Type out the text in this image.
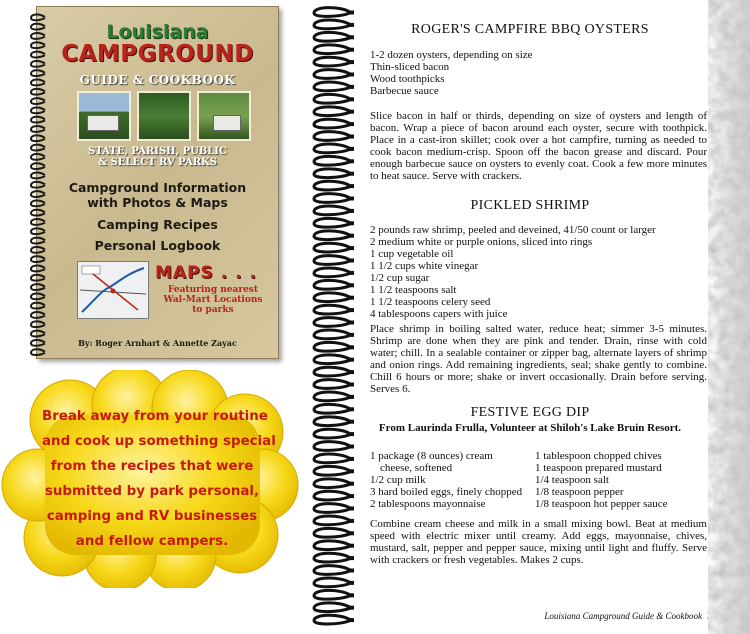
Louisiana
CAMPGROUND
GUIDE & COOKBOOK
STATE, PARISH, PUBLIC
& SELECT RV PARKS
Campground Information
with Photos & Maps
Camping Recipes
Personal Logbook
MAPS . . .
Featuring nearest
Wal-Mart Locations
to parks
By: Roger Arnhart & Annette Zayac
Break away from your routine
and cook up something special
from the recipes that were
submitted by park personal,
camping and RV businesses
and fellow campers.
ROGER'S CAMPFIRE BBQ OYSTERS
1-2 dozen oysters, depending on size
Thin-sliced bacon
Wood toothpicks
Barbecue sauce
Slice bacon in half or thirds, depending on size of oysters and length of bacon. Wrap a piece of bacon around each oyster, secure with toothpick. Place in a cast-iron skillet; cook over a hot campfire, turning as needed to cook bacon medium-crisp. Spoon off the bacon grease and discard. Pour enough barbecue sauce on oysters to evenly coat. Cook a few more minutes to heat sauce. Serve with crackers.
PICKLED SHRIMP
2 pounds raw shrimp, peeled and deveined, 41/50 count or larger
2 medium white or purple onions, sliced into rings
1 cup vegetable oil
1 1/2 cups white vinegar
1/2 cup sugar
1 1/2 teaspoons salt
1 1/2 teaspoons celery seed
4 tablespoons capers with juice
Place shrimp in boiling salted water, reduce heat; simmer 3-5 minutes. Shrimp are done when they are pink and tender. Drain, rinse with cold water; chill. In a sealable container or zipper bag, alternate layers of shrimp and onion rings. Add remaining ingredients, seal; shake gently to combine. Chill 6 hours or more; shake or invert occasionally. Drain before serving. Serves 6.
FESTIVE EGG DIP
From Laurinda Frulla, Volunteer at Shiloh's Lake Bruin Resort.
1 package (8 ounces) cream
cheese, softened
1/2 cup milk
3 hard boiled eggs, finely chopped
2 tablespoons mayonnaise
1 tablespoon chopped chives
1 teaspoon prepared mustard
1/4 teaspoon salt
1/8 teaspoon pepper
1/8 teaspoon hot pepper sauce
Combine cream cheese and milk in a small mixing bowl. Beat at medium speed with electric mixer until creamy. Add eggs, mayonnaise, chives, mustard, salt, pepper and pepper sauce, mixing until light and fluffy. Serve with crackers or fresh vegetables. Makes 2 cups.
Louisiana Campground Guide & Cookbook
